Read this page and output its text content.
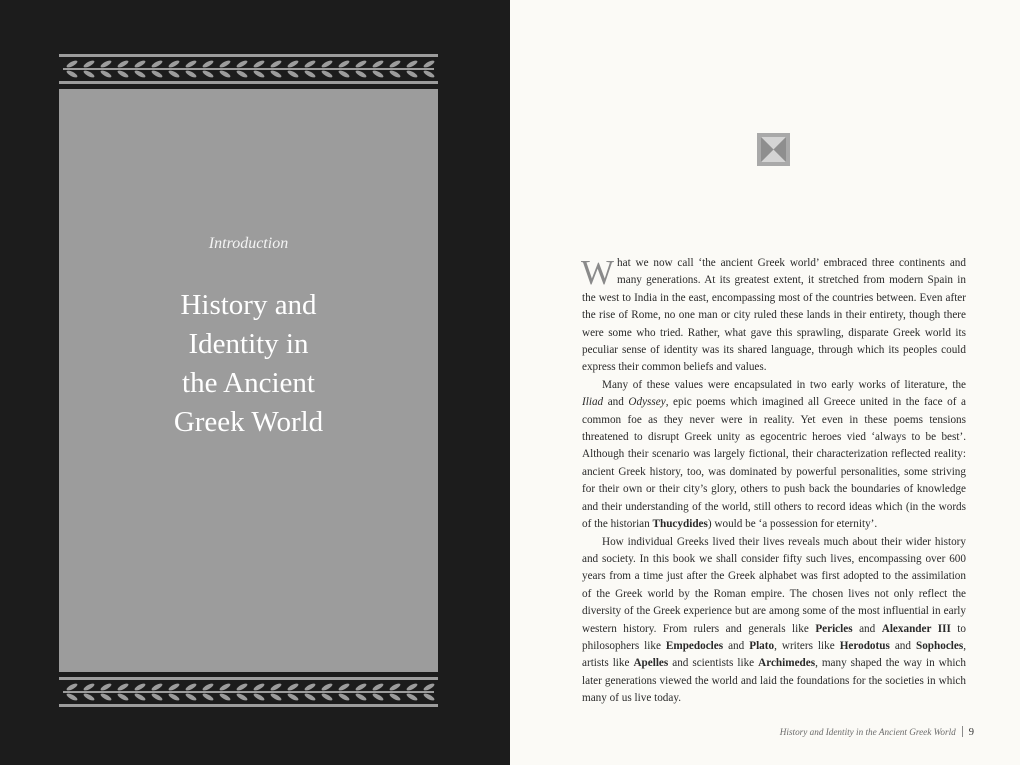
Introduction
History and
Identity in
the Ancient
Greek World

What we now call ‘the ancient Greek world’ embraced three continents and many generations. At its greatest extent, it stretched from modern Spain in the west to India in the east, encompassing most of the countries between. Even after the rise of Rome, no one man or city ruled these lands in their entirety, though there were some who tried. Rather, what gave this sprawling, disparate Greek world its peculiar sense of identity was its shared language, through which its peoples could express their common beliefs and values.

Many of these values were encapsulated in two early works of literature, the Iliad and Odyssey, epic poems which imagined all Greece united in the face of a common foe as they never were in reality. Yet even in these poems tensions threatened to disrupt Greek unity as egocentric heroes vied ‘always to be best’. Although their scenario was largely fictional, their characterization reflected reality: ancient Greek history, too, was dominated by powerful personalities, some striving for their own or their city’s glory, others to push back the boundaries of knowledge and their understanding of the world, still others to record ideas which (in the words of the historian Thucydides) would be ‘a possession for eternity’.

How individual Greeks lived their lives reveals much about their wider history and society. In this book we shall consider fifty such lives, encompassing over 600 years from a time just after the Greek alphabet was first adopted to the assimilation of the Greek world by the Roman empire. The chosen lives not only reflect the diversity of the Greek experience but are among some of the most influential in early western history. From rulers and generals like Pericles and Alexander III to philosophers like Empedocles and Plato, writers like Herodotus and Sophocles, artists like Apelles and scientists like Archimedes, many shaped the way in which later generations viewed the world and laid the foundations for the societies in which many of us live today.

History and Identity in the Ancient Greek World 9
